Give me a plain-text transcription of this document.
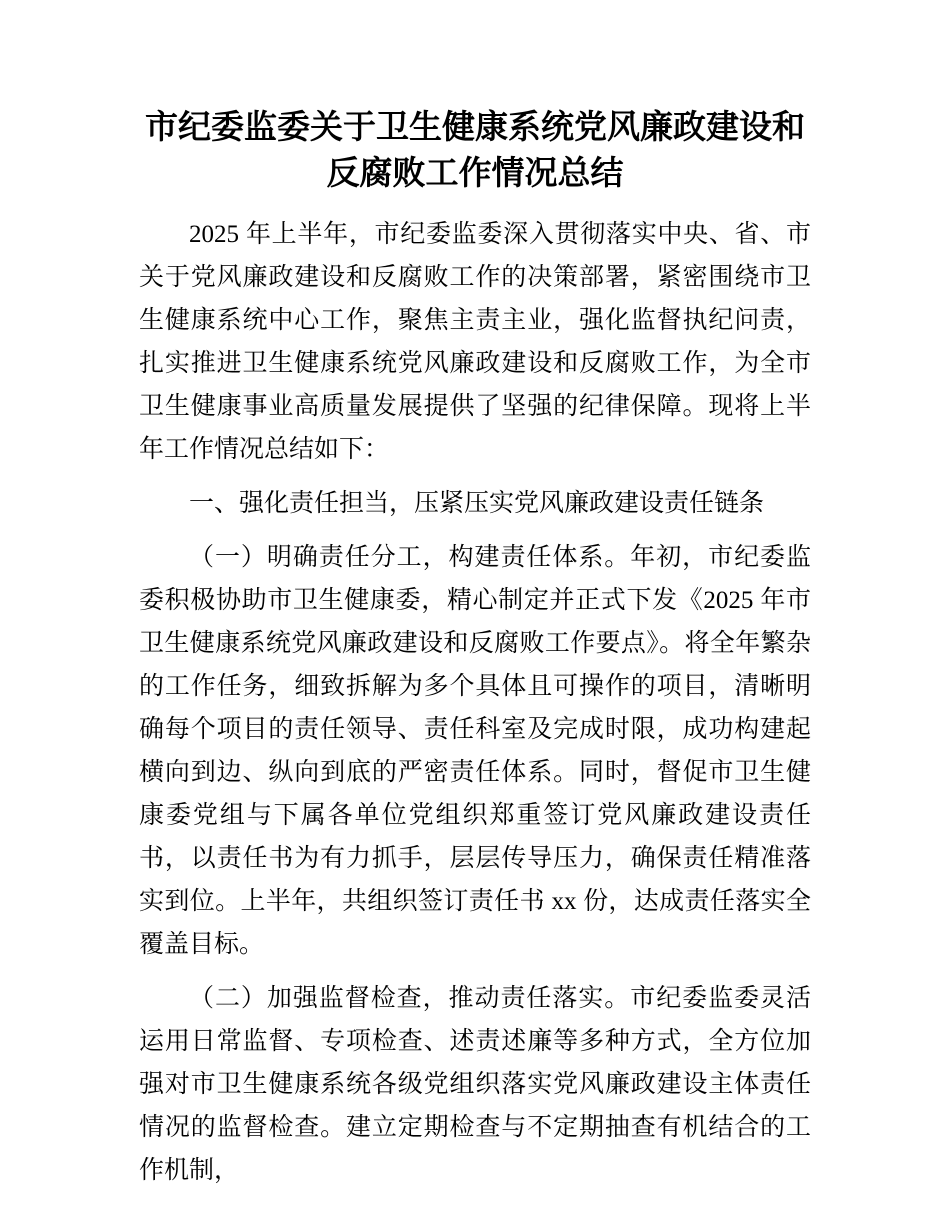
市纪委监委关于卫生健康系统党风廉政建设和反腐败工作情况总结

2025 年上半年，市纪委监委深入贯彻落实中央、省、市关于党风廉政建设和反腐败工作的决策部署，紧密围绕市卫生健康系统中心工作，聚焦主责主业，强化监督执纪问责，扎实推进卫生健康系统党风廉政建设和反腐败工作，为全市卫生健康事业高质量发展提供了坚强的纪律保障。现将上半年工作情况总结如下：

一、强化责任担当，压紧压实党风廉政建设责任链条

（一）明确责任分工，构建责任体系。年初，市纪委监委积极协助市卫生健康委，精心制定并正式下发《2025 年市卫生健康系统党风廉政建设和反腐败工作要点》。将全年繁杂的工作任务，细致拆解为多个具体且可操作的项目，清晰明确每个项目的责任领导、责任科室及完成时限，成功构建起横向到边、纵向到底的严密责任体系。同时，督促市卫生健康委党组与下属各单位党组织郑重签订党风廉政建设责任书，以责任书为有力抓手，层层传导压力，确保责任精准落实到位。上半年，共组织签订责任书 xx 份，达成责任落实全覆盖目标。

（二）加强监督检查，推动责任落实。市纪委监委灵活运用日常监督、专项检查、述责述廉等多种方式，全方位加强对市卫生健康系统各级党组织落实党风廉政建设主体责任情况的监督检查。建立定期检查与不定期抽查有机结合的工作机制，
